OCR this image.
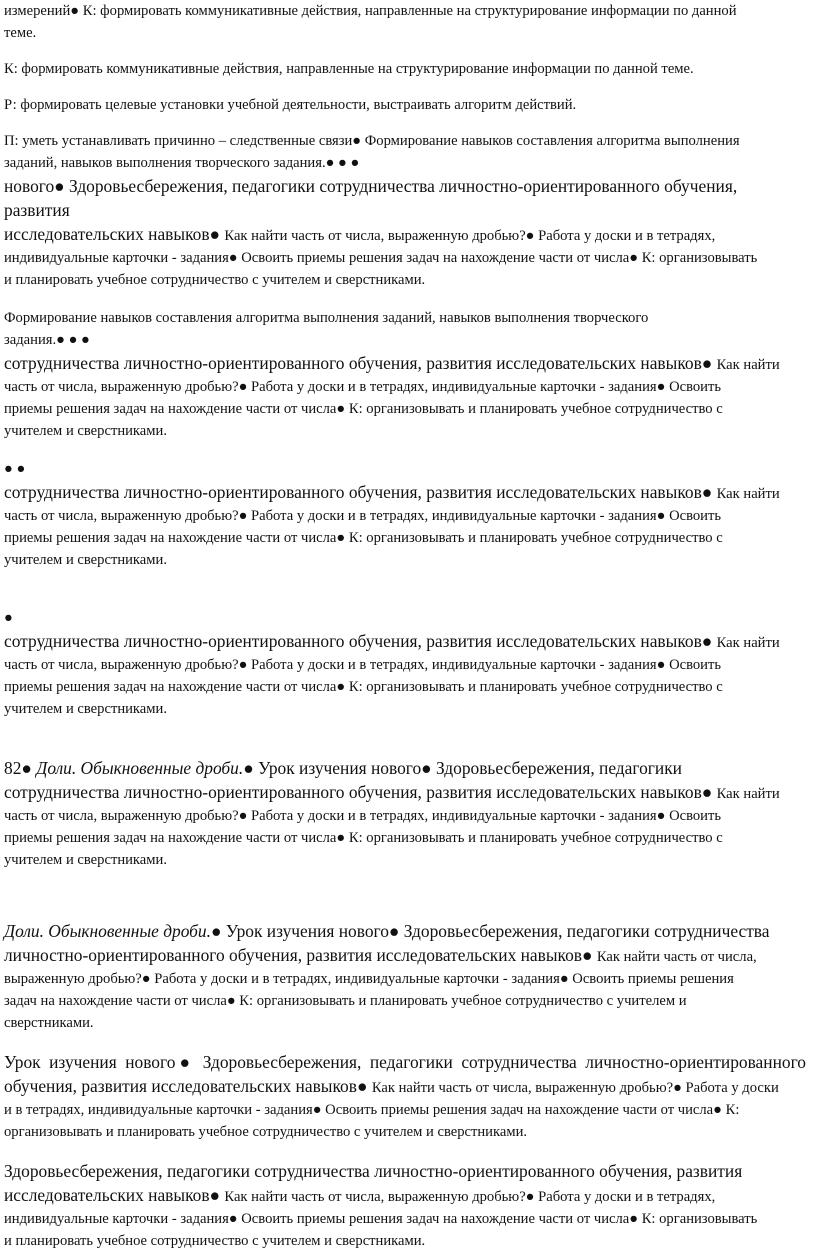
измерений● К: формировать коммуникативные действия, направленные на структурирование информации по данной
теме.
К: формировать коммуникативные действия, направленные на структурирование информации по данной теме.
Р: формировать целевые установки учебной деятельности, выстраивать алгоритм действий.
П: уметь устанавливать причинно – следственные связи● Формирование навыков составления алгоритма выполнения
заданий, навыков выполнения творческого задания.● ● ●
нового● Здоровьесбережения, педагогики сотрудничества личностно-ориентированного обучения, развития
исследовательских навыков● Как найти часть от числа, выраженную дробью?● Работа у доски и в тетрадях,
индивидуальные карточки - задания● Освоить приемы решения задач на нахождение части от числа● К: организовывать
и планировать учебное сотрудничество с учителем и сверстниками.
Формирование навыков составления алгоритма выполнения заданий, навыков выполнения творческого
задания.● ● ●
сотрудничества личностно-ориентированного обучения, развития исследовательских навыков● Как найти
часть от числа, выраженную дробью?● Работа у доски и в тетрадях, индивидуальные карточки - задания● Освоить
приемы решения задач на нахождение части от числа● К: организовывать и планировать учебное сотрудничество с
учителем и сверстниками.
● ●
сотрудничества личностно-ориентированного обучения, развития исследовательских навыков● Как найти
часть от числа, выраженную дробью?● Работа у доски и в тетрадях, индивидуальные карточки - задания● Освоить
приемы решения задач на нахождение части от числа● К: организовывать и планировать учебное сотрудничество с
учителем и сверстниками.
●
сотрудничества личностно-ориентированного обучения, развития исследовательских навыков● Как найти
часть от числа, выраженную дробью?● Работа у доски и в тетрадях, индивидуальные карточки - задания● Освоить
приемы решения задач на нахождение части от числа● К: организовывать и планировать учебное сотрудничество с
учителем и сверстниками.
82● Доли. Обыкновенные дроби.● Урок изучения нового● Здоровьесбережения, педагогики
сотрудничества личностно-ориентированного обучения, развития исследовательских навыков● Как найти
часть от числа, выраженную дробью?● Работа у доски и в тетрадях, индивидуальные карточки - задания● Освоить
приемы решения задач на нахождение части от числа● К: организовывать и планировать учебное сотрудничество с
учителем и сверстниками.
Доли. Обыкновенные дроби.● Урок изучения нового● Здоровьесбережения, педагогики сотрудничества
личностно-ориентированного обучения, развития исследовательских навыков● Как найти часть от числа,
выраженную дробью?● Работа у доски и в тетрадях, индивидуальные карточки - задания● Освоить приемы решения
задач на нахождение части от числа● К: организовывать и планировать учебное сотрудничество с учителем и
сверстниками.
Урок изучения нового● Здоровьесбережения, педагогики сотрудничества личностно-ориентированного
обучения, развития исследовательских навыков● Как найти часть от числа, выраженную дробью?● Работа у доски
и в тетрадях, индивидуальные карточки - задания● Освоить приемы решения задач на нахождение части от числа● К:
организовывать и планировать учебное сотрудничество с учителем и сверстниками.
Здоровьесбережения, педагогики сотрудничества личностно-ориентированного обучения, развития
исследовательских навыков● Как найти часть от числа, выраженную дробью?● Работа у доски и в тетрадях,
индивидуальные карточки - задания● Освоить приемы решения задач на нахождение части от числа● К: организовывать
и планировать учебное сотрудничество с учителем и сверстниками.
